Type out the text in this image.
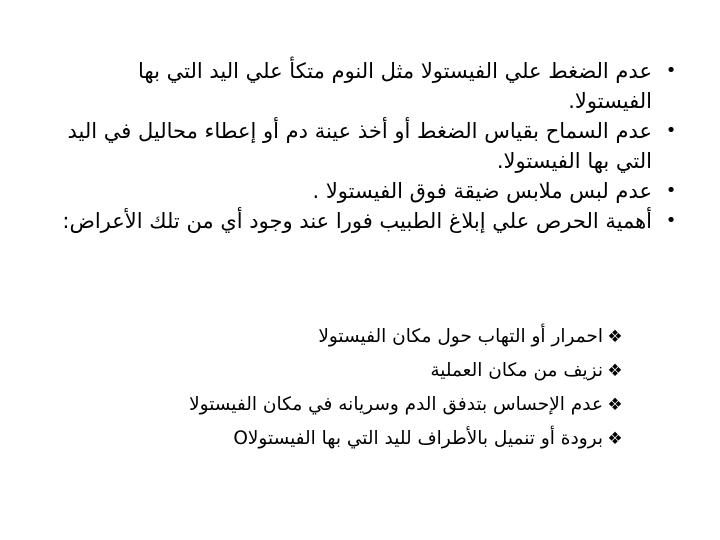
•
عدم الضغط علي الفيستولا مثل النوم متكأ علي اليد التي بها الفيستولا.
•
عدم السماح بقياس الضغط أو أخذ عينة دم أو إعطاء محاليل في اليد التي بها الفيستولا.
•
عدم لبس ملابس ضيقة فوق الفيستولا .
•
أهمية الحرص علي إبلاغ الطبيب فورا عند وجود أي من تلك الأعراض:
❖
احمرار أو التهاب حول مكان الفيستولا
❖
نزيف من مكان العملية
❖
عدم الإحساس بتدفق الدم وسريانه في مكان الفيستولا
❖
برودة أو تنميل بالأطراف لليد التي بها الفيستولاO
